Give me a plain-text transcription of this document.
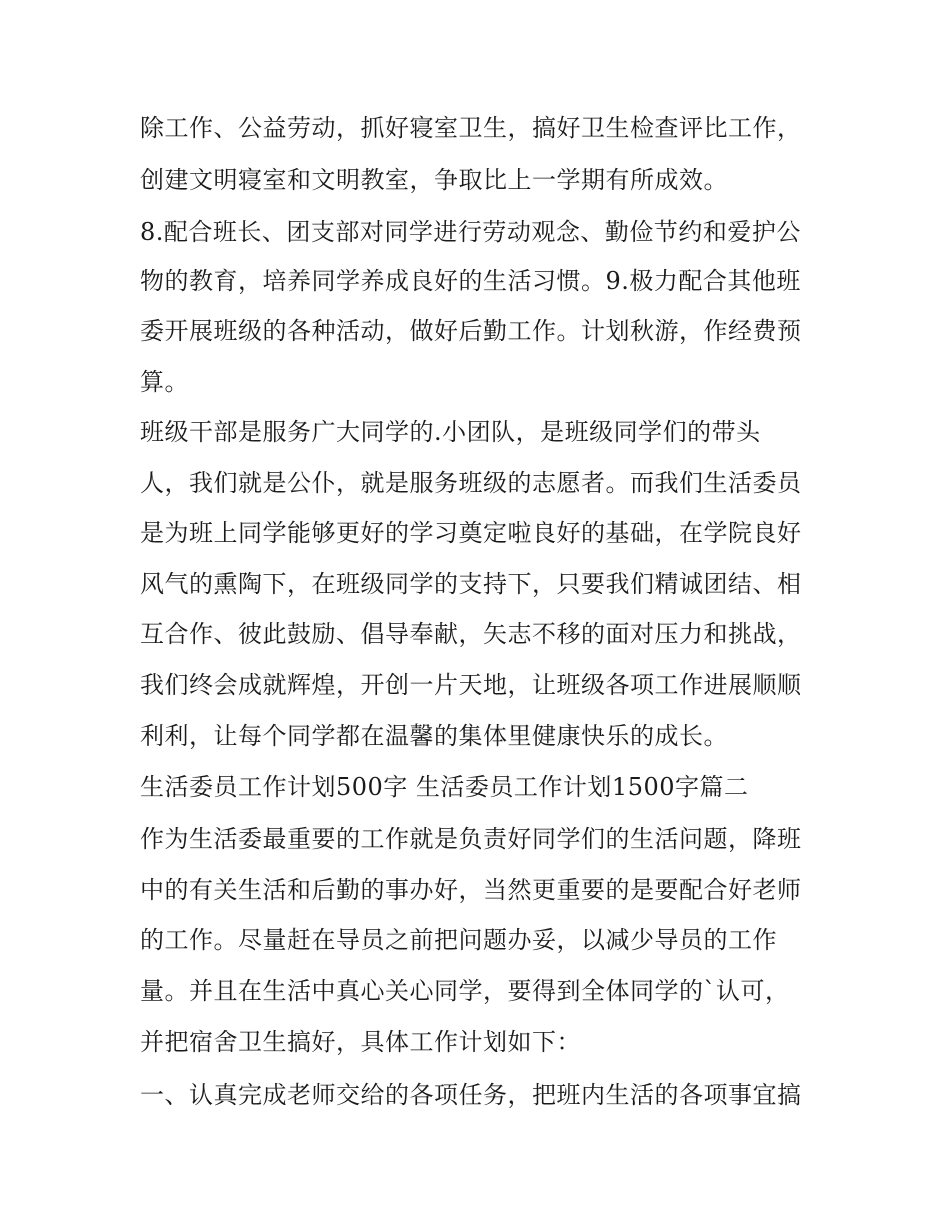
除工作、公益劳动，抓好寝室卫生，搞好卫生检查评比工作，
创建文明寝室和文明教室，争取比上一学期有所成效。
8.配合班长、团支部对同学进行劳动观念、勤俭节约和爱护公
物的教育，培养同学养成良好的生活习惯。9.极力配合其他班
委开展班级的各种活动，做好后勤工作。计划秋游，作经费预
算。
班级干部是服务广大同学的.小团队，是班级同学们的带头
人，我们就是公仆，就是服务班级的志愿者。而我们生活委员
是为班上同学能够更好的学习奠定啦良好的基础，在学院良好
风气的熏陶下，在班级同学的支持下，只要我们精诚团结、相
互合作、彼此鼓励、倡导奉献，矢志不移的面对压力和挑战，
我们终会成就辉煌，开创一片天地，让班级各项工作进展顺顺
利利，让每个同学都在温馨的集体里健康快乐的成长。
生活委员工作计划500字 生活委员工作计划1500字篇二
作为生活委最重要的工作就是负责好同学们的生活问题，降班
中的有关生活和后勤的事办好，当然更重要的是要配合好老师
的工作。尽量赶在导员之前把问题办妥，以减少导员的工作
量。并且在生活中真心关心同学，要得到全体同学的`认可，
并把宿舍卫生搞好，具体工作计划如下：
一、认真完成老师交给的各项任务，把班内生活的各项事宜搞
